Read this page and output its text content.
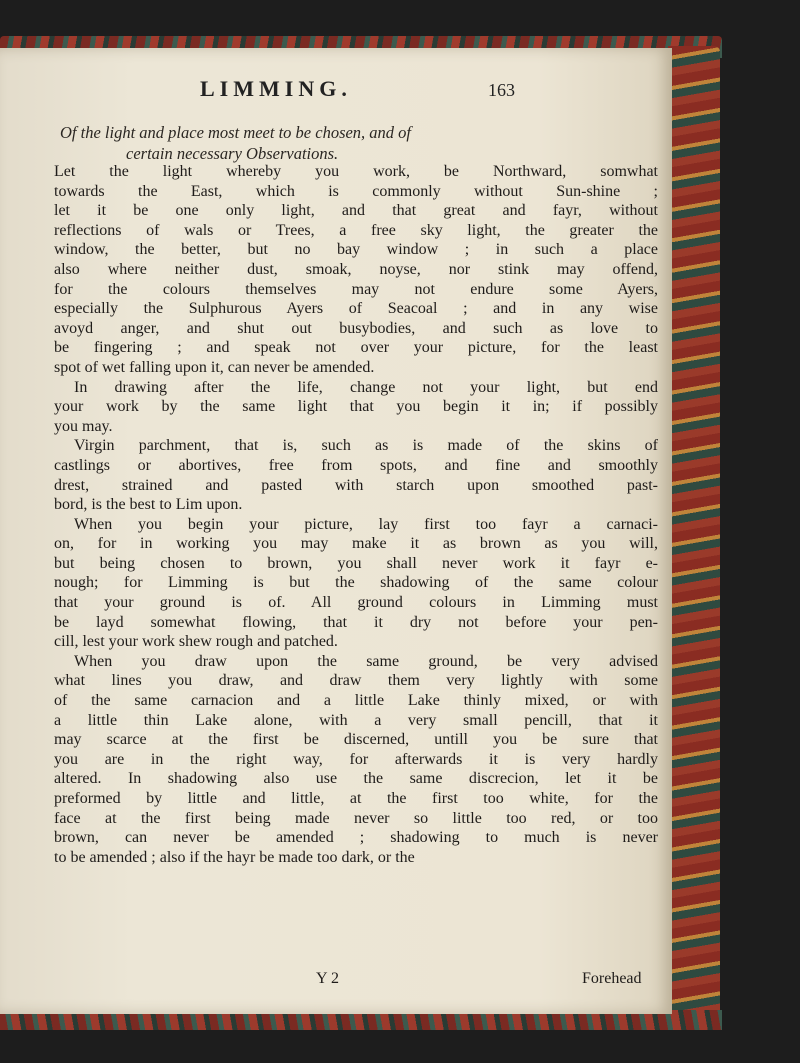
LIMMING.	163
Of the light and place most meet to be chosen, and of
certain necessary Observations.
Let the light whereby you work, be Northward, somwhat
towards the East, which is commonly without Sun-shine ;
let it be one only light, and that great and fayr, without
reflections of wals or Trees, a free sky light, the greater the
window, the better, but no bay window ; in such a place
also where neither dust, smoak, noyse, nor stink may offend,
for the colours themselves may not endure some Ayers,
especially the Sulphurous Ayers of Seacoal ; and in any wise
avoyd anger, and shut out busybodies, and such as love to
be fingering ; and speak not over your picture, for the least
spot of wet falling upon it, can never be amended.
In drawing after the life, change not your light, but end
your work by the same light that you begin it in; if possibly
you may.
Virgin parchment, that is, such as is made of the skins of
castlings or abortives, free from spots, and fine and smoothly
drest, strained and pasted with starch upon smoothed past-
bord, is the best to Lim upon.
When you begin your picture, lay first too fayr a carnaci-
on, for in working you may make it as brown as you will,
but being chosen to brown, you shall never work it fayr e-
nough; for Limming is but the shadowing of the same colour
that your ground is of. All ground colours in Limming must
be layd somewhat flowing, that it dry not before your pen-
cill, lest your work shew rough and patched.
When you draw upon the same ground, be very advised
what lines you draw, and draw them very lightly with some
of the same carnacion and a little Lake thinly mixed, or with
a little thin Lake alone, with a very small pencill, that it
may scarce at the first be discerned, untill you be sure that
you are in the right way, for afterwards it is very hardly
altered. In shadowing also use the same discrecion, let it be
preformed by little and little, at the first too white, for the
face at the first being made never so little too red, or too
brown, can never be amended ; shadowing to much is never
to be amended ; also if the hayr be made too dark, or the
Y 2	Forehead
